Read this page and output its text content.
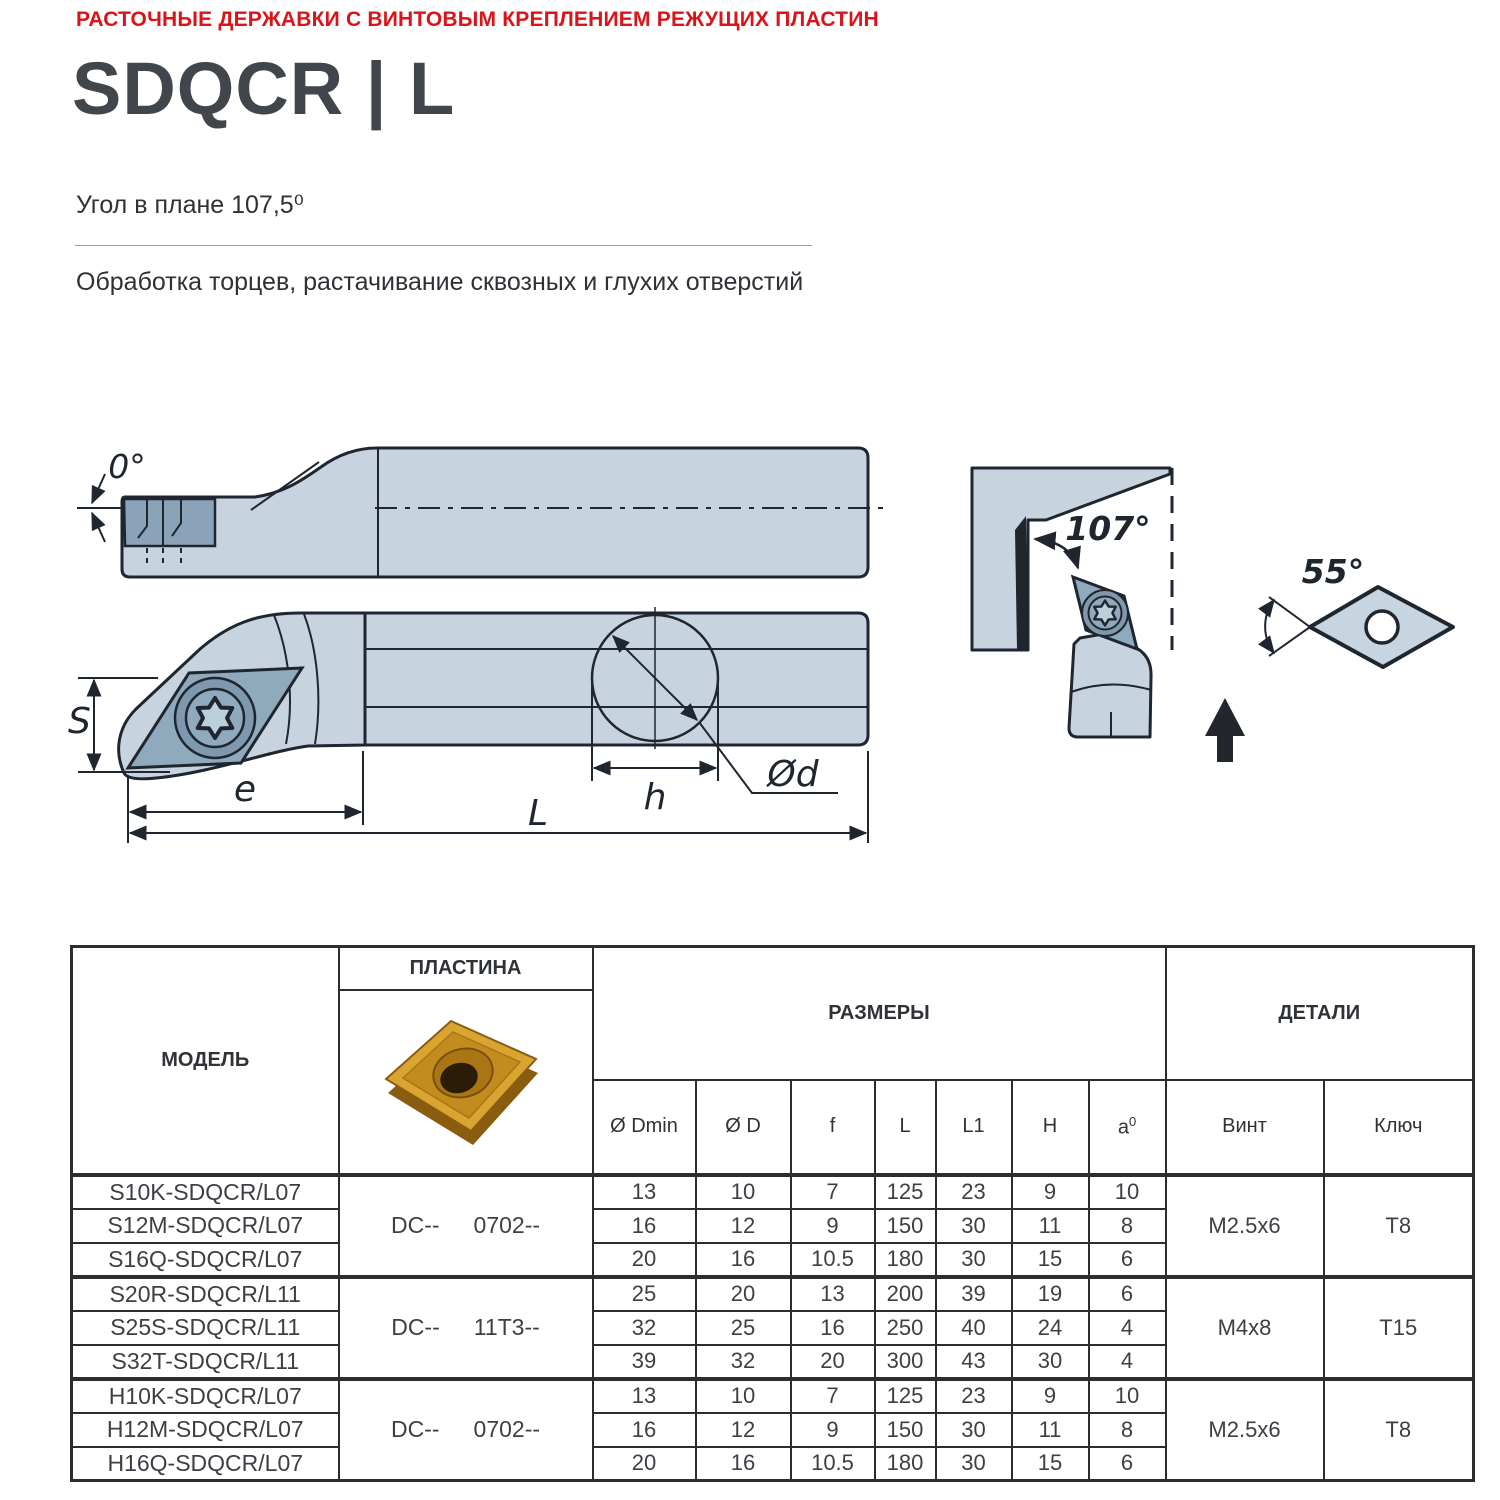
РАСТОЧНЫЕ ДЕРЖАВКИ С ВИНТОВЫМ КРЕПЛЕНИЕМ РЕЖУЩИХ ПЛАСТИН
SDQCR | L
Угол в плане 107,5⁰
Обработка торцев, растачивание сквозных и глухих отверстий
0°
S
e
L
Ød
h
107°
55°
МОДЕЛЬ	ПЛАСТИНА	РАЗМЕРЫ							ДЕТАЛИ	

		Ø Dmin	Ø D	f	L	L1	H	$a^0$	Винт	Ключ
S10K-SDQCR/L07	DC-- 0702--	13	10	7	125	23	9	10	M2.5x6	T8
S12M-SDQCR/L07		16	12	9	150	30	11	8		
S16Q-SDQCR/L07		20	16	10.5	180	30	15	6		
S20R-SDQCR/L11	DC-- 11T3--	25	20	13	200	39	19	6	M4x8	T15
S25S-SDQCR/L11		32	25	16	250	40	24	4		
S32T-SDQCR/L11		39	32	20	300	43	30	4		
H10K-SDQCR/L07	DC-- 0702--	13	10	7	125	23	9	10	M2.5x6	T8
H12M-SDQCR/L07		16	12	9	150	30	11	8		
H16Q-SDQCR/L07		20	16	10.5	180	30	15	6		
